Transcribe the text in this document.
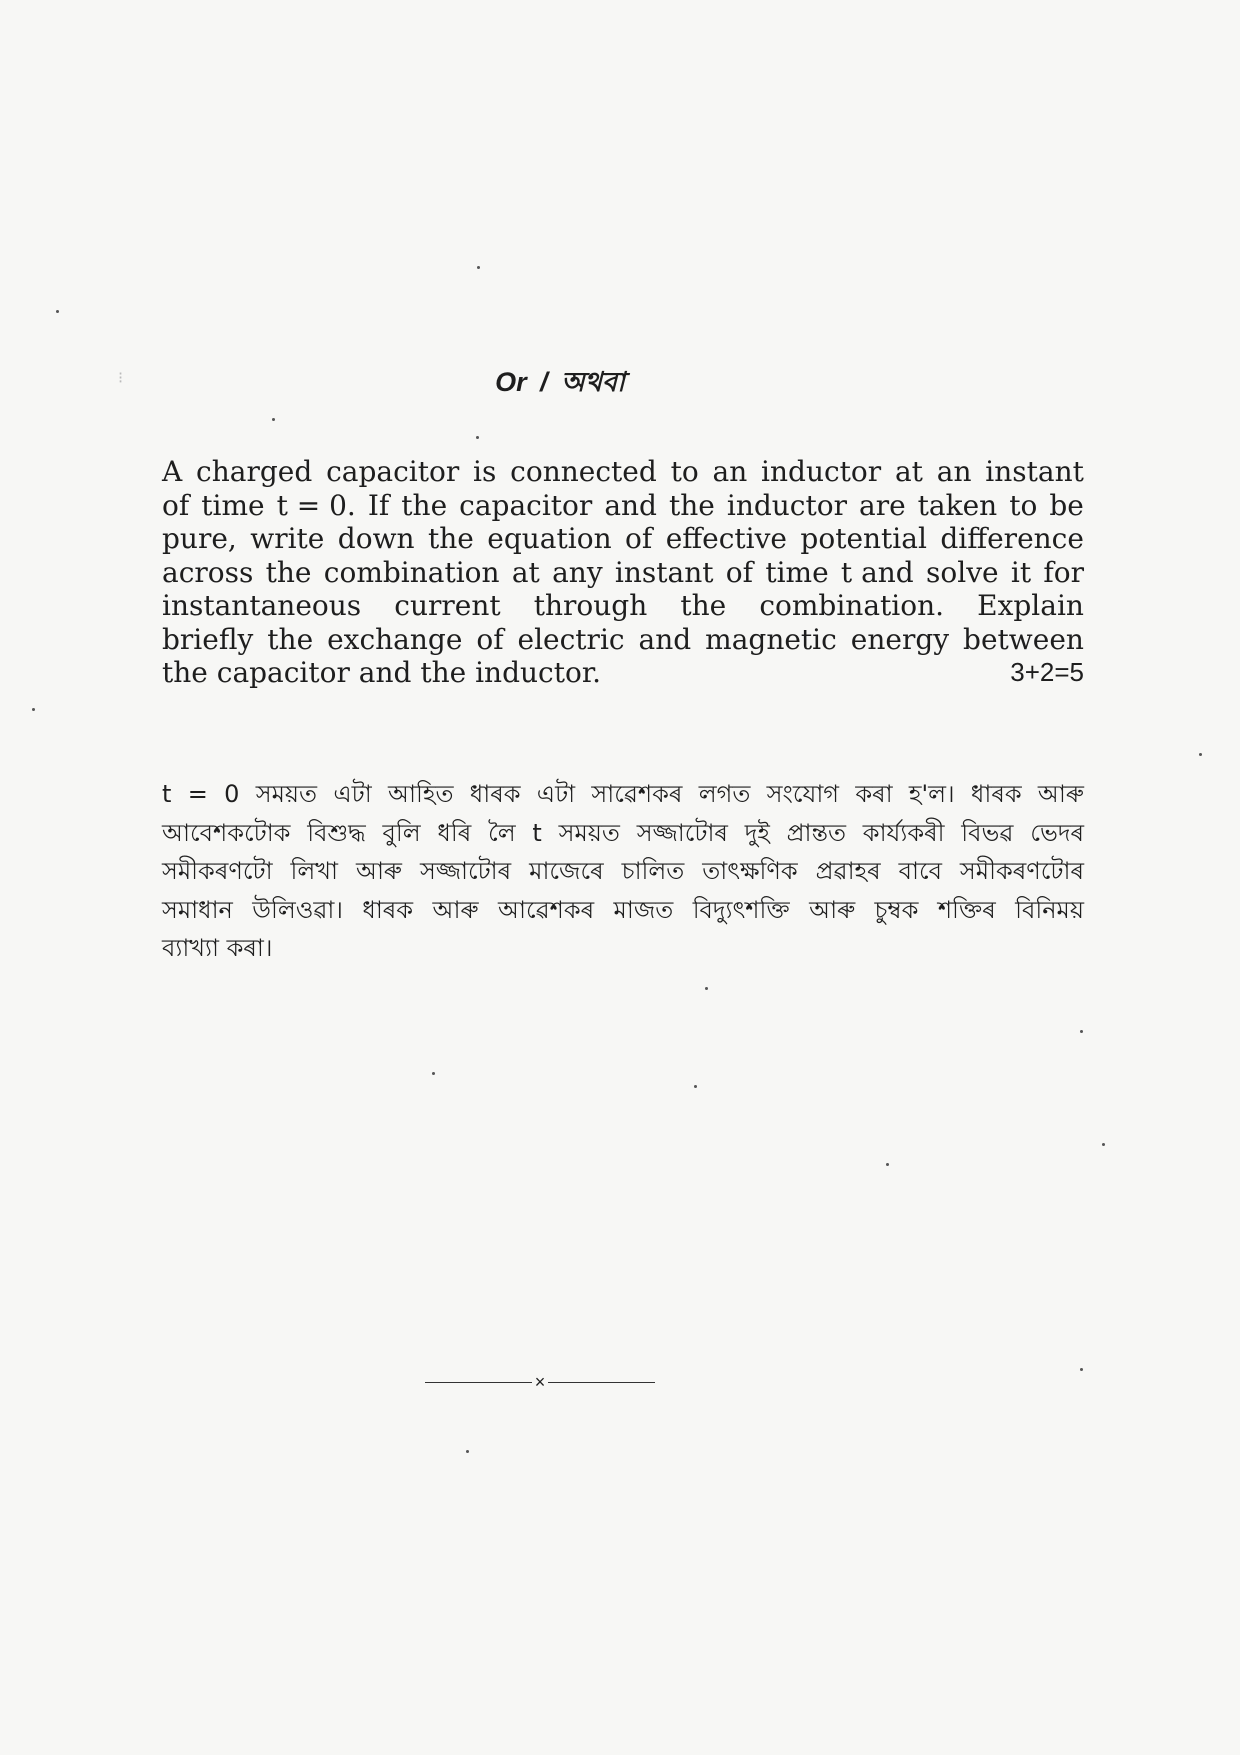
Or / অথবা
⁝
A charged capacitor is connected to an inductor at an instant
of time t = 0. If the capacitor and the inductor are taken to be
pure, write down the equation of effective potential difference
across the combination at any instant of time t and solve it for
instantaneous current through the combination. Explain
briefly the exchange of electric and magnetic energy between
the capacitor and the inductor.	3+2=5
t = 0 সময়ত এটা আহিত ধাৰক এটা সাৱেশকৰ লগত সংযোগ কৰা হ'ল। ধাৰক আৰু
আবেশকটোক বিশুদ্ধ বুলি ধৰি লৈ t সময়ত সজ্জাটোৰ দুই প্ৰান্তত কাৰ্য্যকৰী বিভৱ ভেদৰ
সমীকৰণটো লিখা আৰু সজ্জাটোৰ মাজেৰে চালিত তাৎক্ষণিক প্ৰৱাহৰ বাবে সমীকৰণটোৰ
সমাধান উলিওৱা। ধাৰক আৰু আৱেশকৰ মাজত বিদ্যুৎশক্তি আৰু চুম্বক শক্তিৰ বিনিময়
ব্যাখ্যা কৰা।
×
